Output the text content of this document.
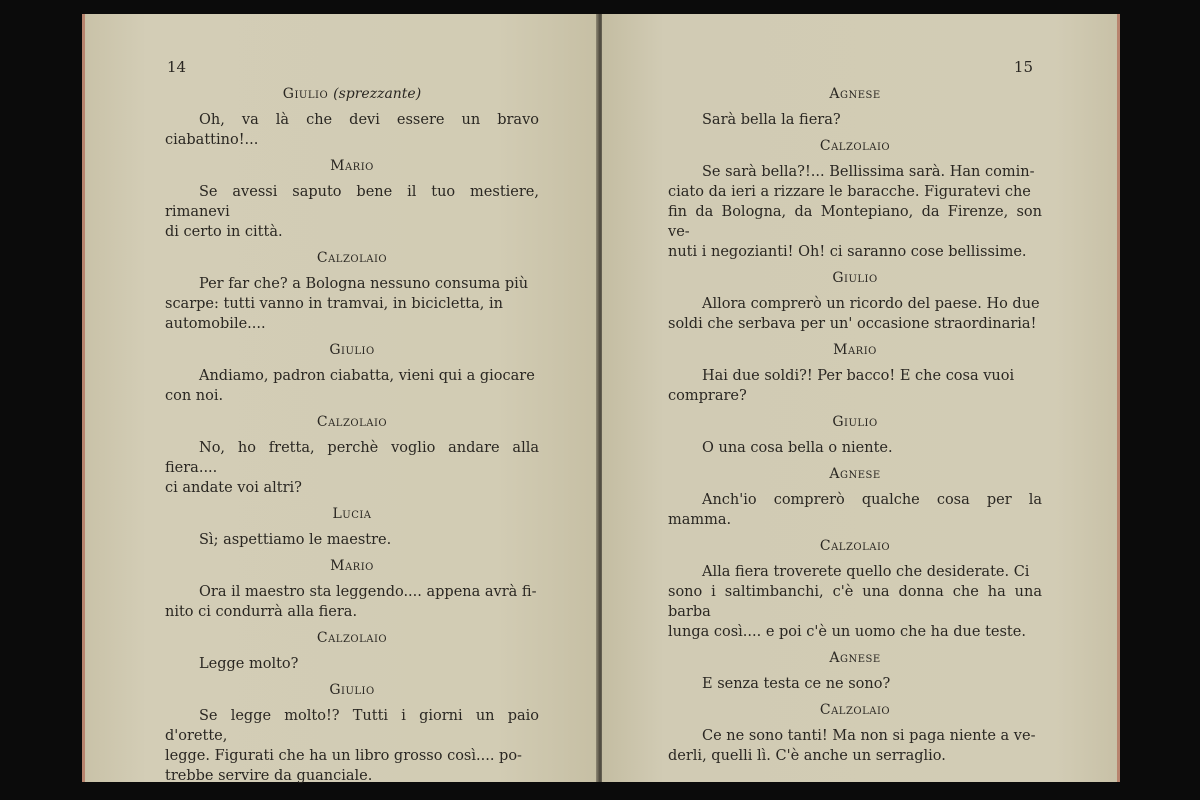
14
Giulio (sprezzante)
Oh, va là che devi essere un bravo ciabattino!...
Mario
Se avessi saputo bene il tuo mestiere, rimanevi
di certo in città.
Calzolaio
Per far che? a Bologna nessuno consuma più
scarpe: tutti vanno in tramvai, in bicicletta, in
automobile....
Giulio
Andiamo, padron ciabatta, vieni qui a giocare
con noi.
Calzolaio
No, ho fretta, perchè voglio andare alla fiera....
ci andate voi altri?
Lucia
Sì; aspettiamo le maestre.
Mario
Ora il maestro sta leggendo.... appena avrà fi-
nito ci condurrà alla fiera.
Calzolaio
Legge molto?
Giulio
Se legge molto!? Tutti i giorni un paio d'orette,
legge. Figurati che ha un libro grosso così.... po-
trebbe servire da guanciale.
15
Agnese
Sarà bella la fiera?
Calzolaio
Se sarà bella?!... Bellissima sarà. Han comin-
ciato da ieri a rizzare le baracche. Figuratevi che
fin da Bologna, da Montepiano, da Firenze, son ve-
nuti i negozianti! Oh! ci saranno cose bellissime.
Giulio
Allora comprerò un ricordo del paese. Ho due
soldi che serbava per un' occasione straordinaria!
Mario
Hai due soldi?! Per bacco! E che cosa vuoi
comprare?
Giulio
O una cosa bella o niente.
Agnese
Anch'io comprerò qualche cosa per la mamma.
Calzolaio
Alla fiera troverete quello che desiderate. Ci
sono i saltimbanchi, c'è una donna che ha una barba
lunga così.... e poi c'è un uomo che ha due teste.
Agnese
E senza testa ce ne sono?
Calzolaio
Ce ne sono tanti! Ma non si paga niente a ve-
derli, quelli lì. C'è anche un serraglio.
